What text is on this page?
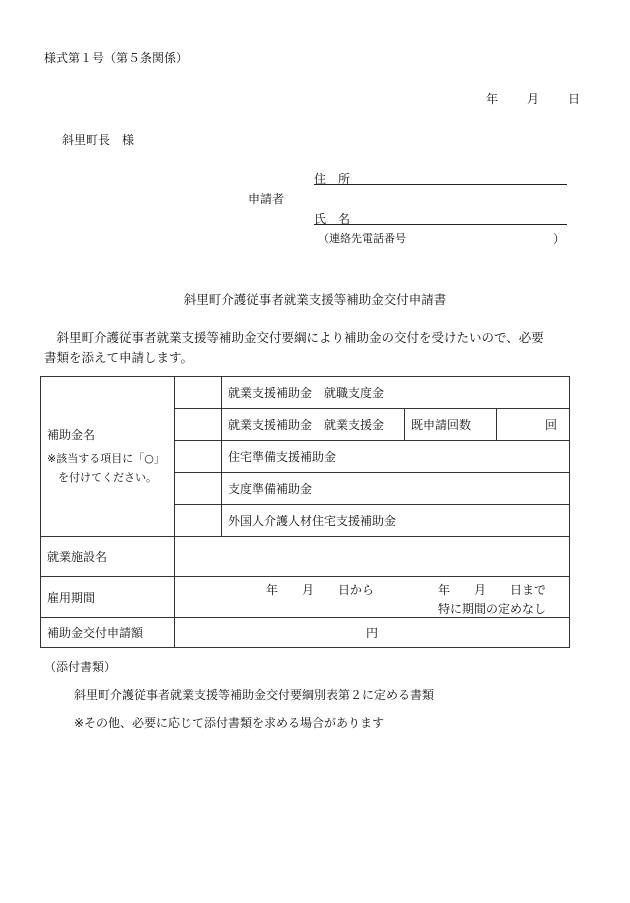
様式第１号（第５条関係）
年 月 日
斜里町長　様
申請者
住　所
氏　名
（連絡先電話番号	）
斜里町介護従事者就業支援等補助金交付申請書
　斜里町介護従事者就業支援等補助金交付要綱により補助金の交付を受けたいので、必要
書類を添えて申請します。
補助金名
※該当する項目に「○」
　を付けてください。		就業支援補助金　就職支度金		
		就業支援補助金　就業支援金	既申請回数	回
		住宅準備支援補助金		
		支度準備補助金		
		外国人介護人材住宅支援補助金		
就業施設名				
雇用期間	年　　月　　日から 年　　月　　日まで
特に期間の定めなし			

補助金交付申請額	円			
（添付書類）
斜里町介護従事者就業支援等補助金交付要綱別表第２に定める書類
※その他、必要に応じて添付書類を求める場合があります
